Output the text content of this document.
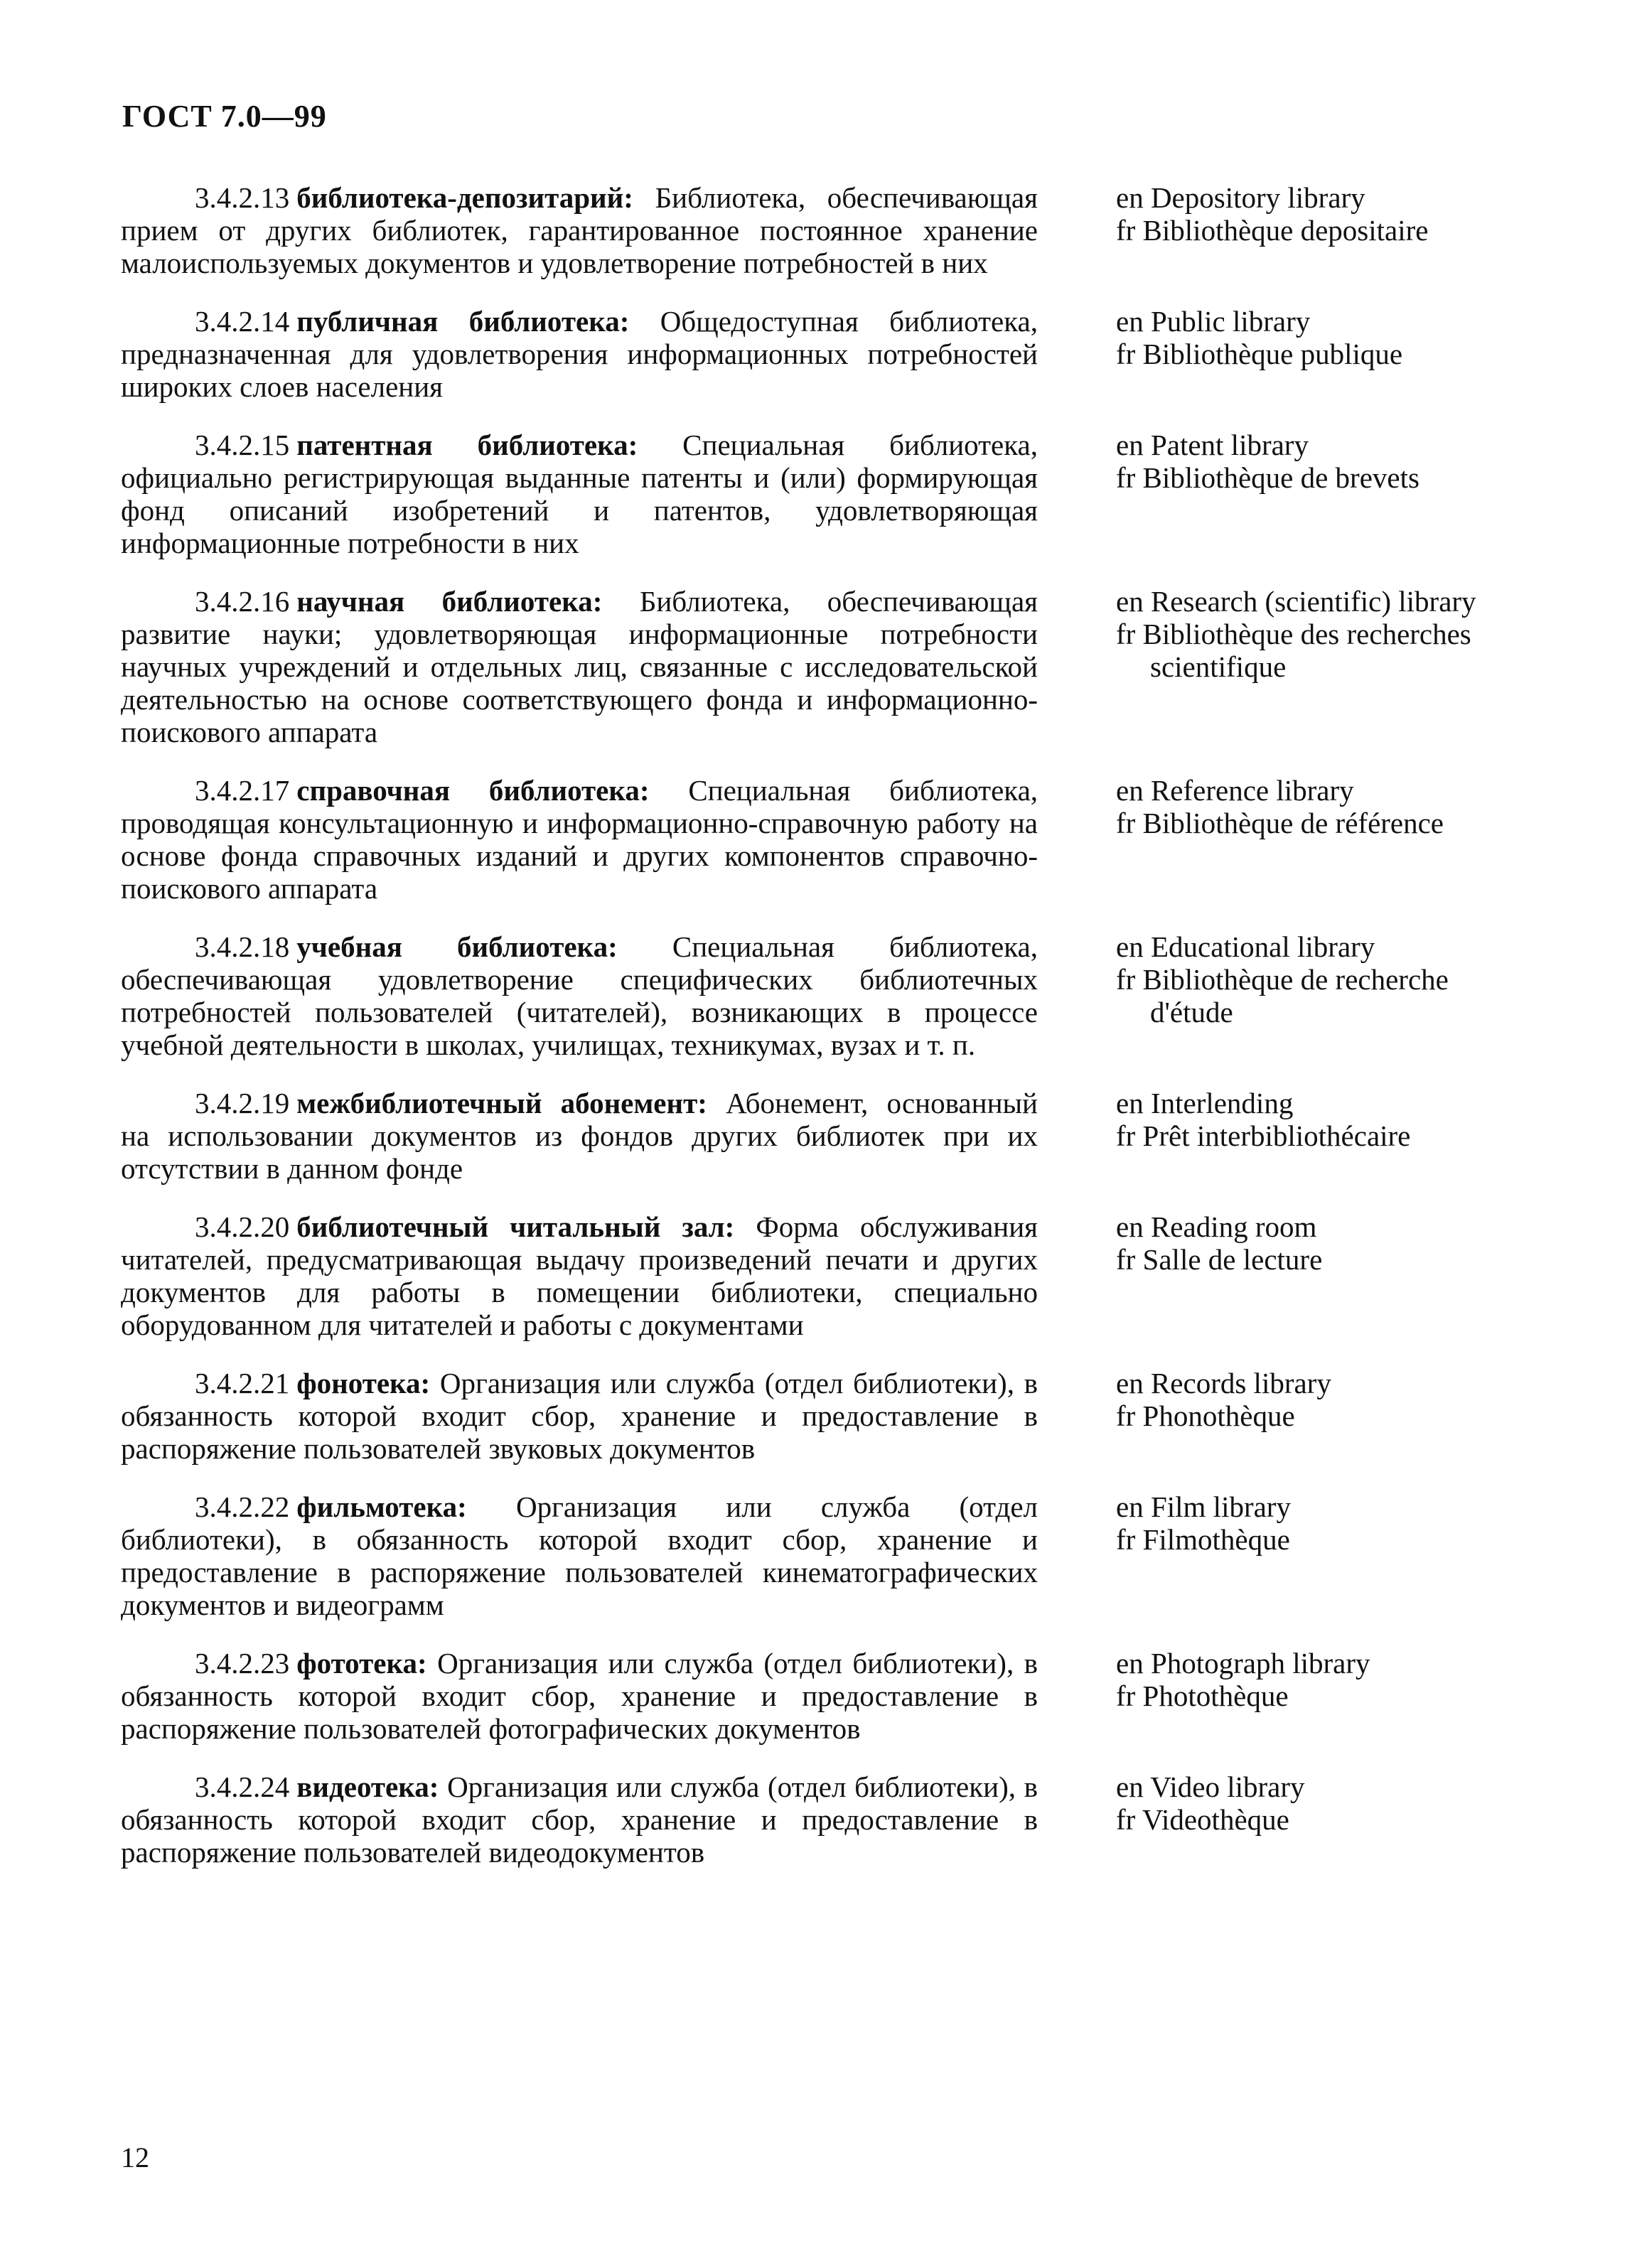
ГОСТ 7.0—99
3.4.2.13 библиотека-депозитарий: Библиотека, обеспечивающая прием от других библиотек, гарантированное постоянное хранение малоиспользуемых документов и удовлетворение потребностей в них
en Depository library
fr Bibliothèque depositaire
3.4.2.14 публичная библиотека: Общедоступная библиотека, предназначенная для удовлетворения информационных потребностей широких слоев населения
en Public library
fr Bibliothèque publique
3.4.2.15 патентная библиотека: Специальная библиотека, официально регистрирующая выданные патенты и (или) формирующая фонд описаний изобретений и патентов, удовлетворяющая информационные потребности в них
en Patent library
fr Bibliothèque de brevets
3.4.2.16 научная библиотека: Библиотека, обеспечивающая развитие науки; удовлетворяющая информационные потребности научных учреждений и отдельных лиц, связанные с исследовательской деятельностью на основе соответствующего фонда и информационно-поискового аппарата
en Research (scientific) library
fr Bibliothèque des recherches
scientifique
3.4.2.17 справочная библиотека: Специальная библиотека, проводящая консультационную и информационно-справочную работу на основе фонда справочных изданий и других компонентов справочно-поискового аппарата
en Reference library
fr Bibliothèque de référence
3.4.2.18 учебная библиотека: Специальная библиотека, обеспечивающая удовлетворение специфических библиотечных потребностей пользователей (читателей), возникающих в процессе учебной деятельности в школах, училищах, техникумах, вузах и т. п.
en Educational library
fr Bibliothèque de recherche
d'étude
3.4.2.19 межбиблиотечный абонемент: Абонемент, основанный на использовании документов из фондов других библиотек при их отсутствии в данном фонде
en Interlending
fr Prêt interbibliothécaire
3.4.2.20 библиотечный читальный зал: Форма обслуживания читателей, предусматривающая выдачу произведений печати и других документов для работы в помещении библиотеки, специально оборудованном для читателей и работы с документами
en Reading room
fr Salle de lecture
3.4.2.21 фонотека: Организация или служба (отдел библиотеки), в обязанность которой входит сбор, хранение и предоставление в распоряжение пользователей звуковых документов
en Records library
fr Phonothèque
3.4.2.22 фильмотека: Организация или служба (отдел библиотеки), в обязанность которой входит сбор, хранение и предоставление в распоряжение пользователей кинематографических документов и видеограмм
en Film library
fr Filmothèque
3.4.2.23 фототека: Организация или служба (отдел библиотеки), в обязанность которой входит сбор, хранение и предоставление в распоряжение пользователей фотографических документов
en Photograph library
fr Photothèque
3.4.2.24 видеотека: Организация или служба (отдел библиотеки), в обязанность которой входит сбор, хранение и предоставление в распоряжение пользователей видеодокументов
en Video library
fr Videothèque
12
